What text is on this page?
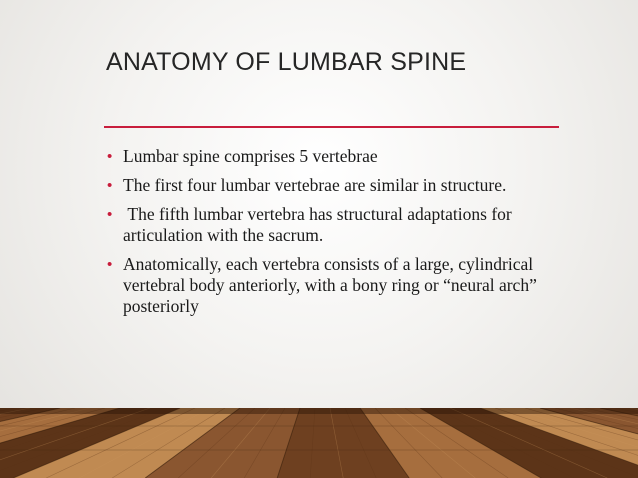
ANATOMY OF LUMBAR SPINE
• Lumbar spine comprises 5 vertebrae
• The first four lumbar vertebrae are similar in structure.
• The fifth lumbar vertebra has structural adaptations for articulation with the sacrum.
• Anatomically, each vertebra consists of a large, cylindrical vertebral body anteriorly, with a bony ring or “neural arch” posteriorly
